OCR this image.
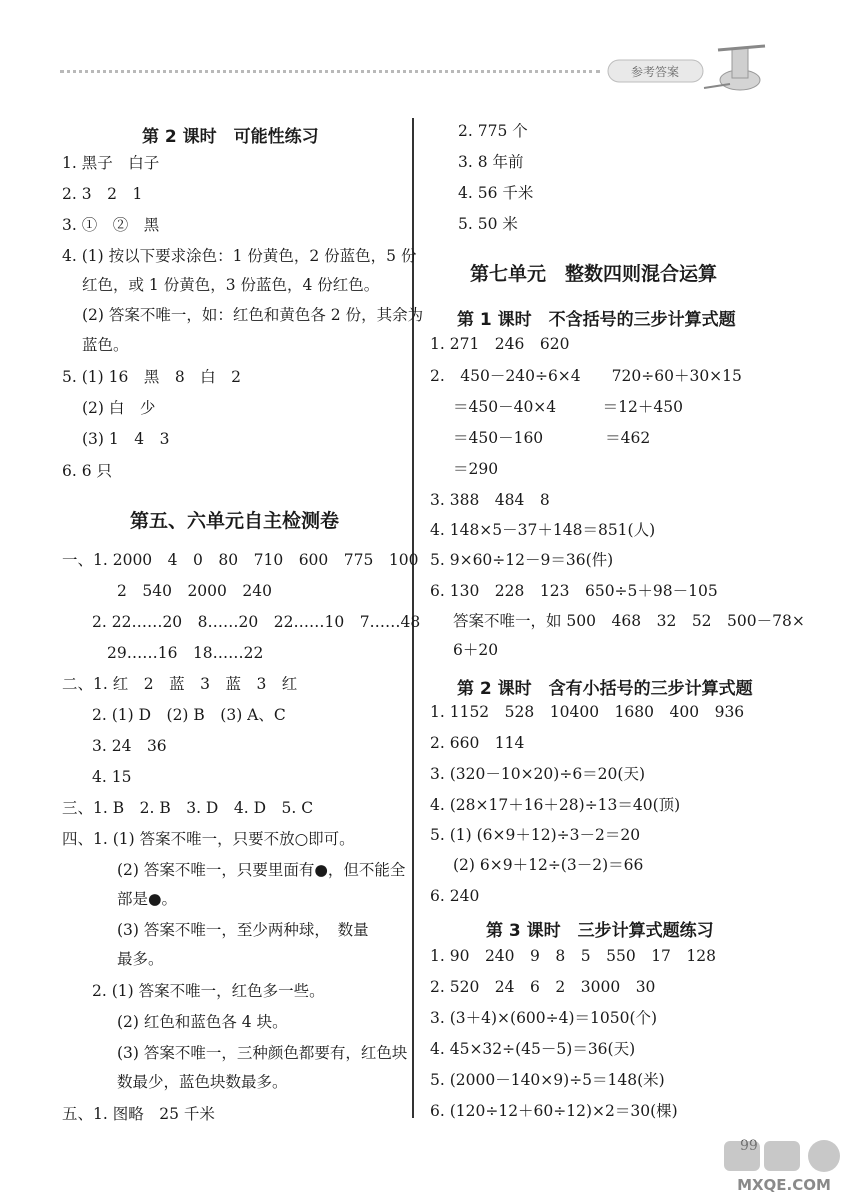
参考答案
第 2 课时　可能性练习
1. 黑子　白子
2. 3　2　1
3. ①　②　黑
4. (1) 按以下要求涂色：1 份黄色，2 份蓝色，5 份
红色，或 1 份黄色，3 份蓝色，4 份红色。
(2) 答案不唯一，如：红色和黄色各 2 份，其余为
蓝色。
5. (1) 16　黑　8　白　2
(2) 白　少
(3) 1　4　3
6. 6 只
第五、六单元自主检测卷
一、1. 2000　4　0　80　710　600　775　100
2　540　2000　240
2. 22……20　8……20　22……10　7……48
29……16　18……22
二、1. 红　2　蓝　3　蓝　3　红
2. (1) D　(2) B　(3) A、C
3. 24　36
4. 15
三、1. B　2. B　3. D　4. D　5. C
四、1. (1) 答案不唯一，只要不放○即可。
(2) 答案不唯一，只要里面有●，但不能全
部是●。
(3) 答案不唯一，至少两种球，　数量
最多。
2. (1) 答案不唯一，红色多一些。
(2) 红色和蓝色各 4 块。
(3) 答案不唯一，三种颜色都要有，红色块
数最少，蓝色块数最多。
五、1. 图略　25 千米
2. 775 个
3. 8 年前
4. 56 千米
5. 50 米
第七单元　整数四则混合运算
第 1 课时　不含括号的三步计算式题
1. 271　246　620
2.　450－240÷6×4　　720÷60＋30×15
＝450－40×4　　　＝12＋450
＝450－160　　　　＝462
＝290
3. 388　484　8
4. 148×5－37＋148＝851(人)
5. 9×60÷12－9＝36(件)
6. 130　228　123　650÷5＋98－105
答案不唯一，如 500　468　32　52　500－78×
6＋20
第 2 课时　含有小括号的三步计算式题
1. 1152　528　10400　1680　400　936
2. 660　114
3. (320－10×20)÷6＝20(天)
4. (28×17＋16＋28)÷13＝40(顶)
5. (1) (6×9＋12)÷3－2＝20
(2) 6×9＋12÷(3－2)＝66
6. 240
第 3 课时　三步计算式题练习
1. 90　240　9　8　5　550　17　128
2. 520　24　6　2　3000　30
3. (3＋4)×(600÷4)＝1050(个)
4. 45×32÷(45－5)＝36(天)
5. (2000－140×9)÷5＝148(米)
6. (120÷12＋60÷12)×2＝30(棵)
MXQE.COM
